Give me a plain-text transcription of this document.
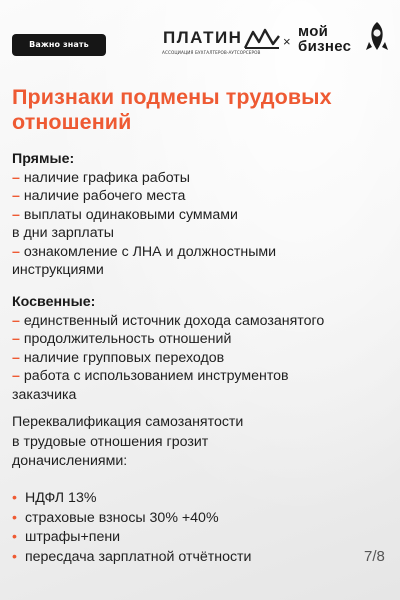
Важно знать	ПЛАТИН
АССОЦИАЦИЯ БУХГАЛТЕРОВ-АУТСОРСЕРОВ
×
мой
бизнес
Признаки подмены трудовых
отношений
Прямые:
– наличие графика работы
– наличие рабочего места
– выплаты одинаковыми суммами
в дни зарплаты
– ознакомление с ЛНА и должностными
инструкциями
Косвенные:
– единственный источник дохода самозанятого
– продолжительность отношений
– наличие групповых переходов
– работа с использованием инструментов
заказчика
Переквалификация самозанятости
в трудовые отношения грозит
доначислениями:
• НДФЛ 13%
• страховые взносы 30% +40%
• штрафы+пени
• пересдача зарплатной отчётности	7/8
